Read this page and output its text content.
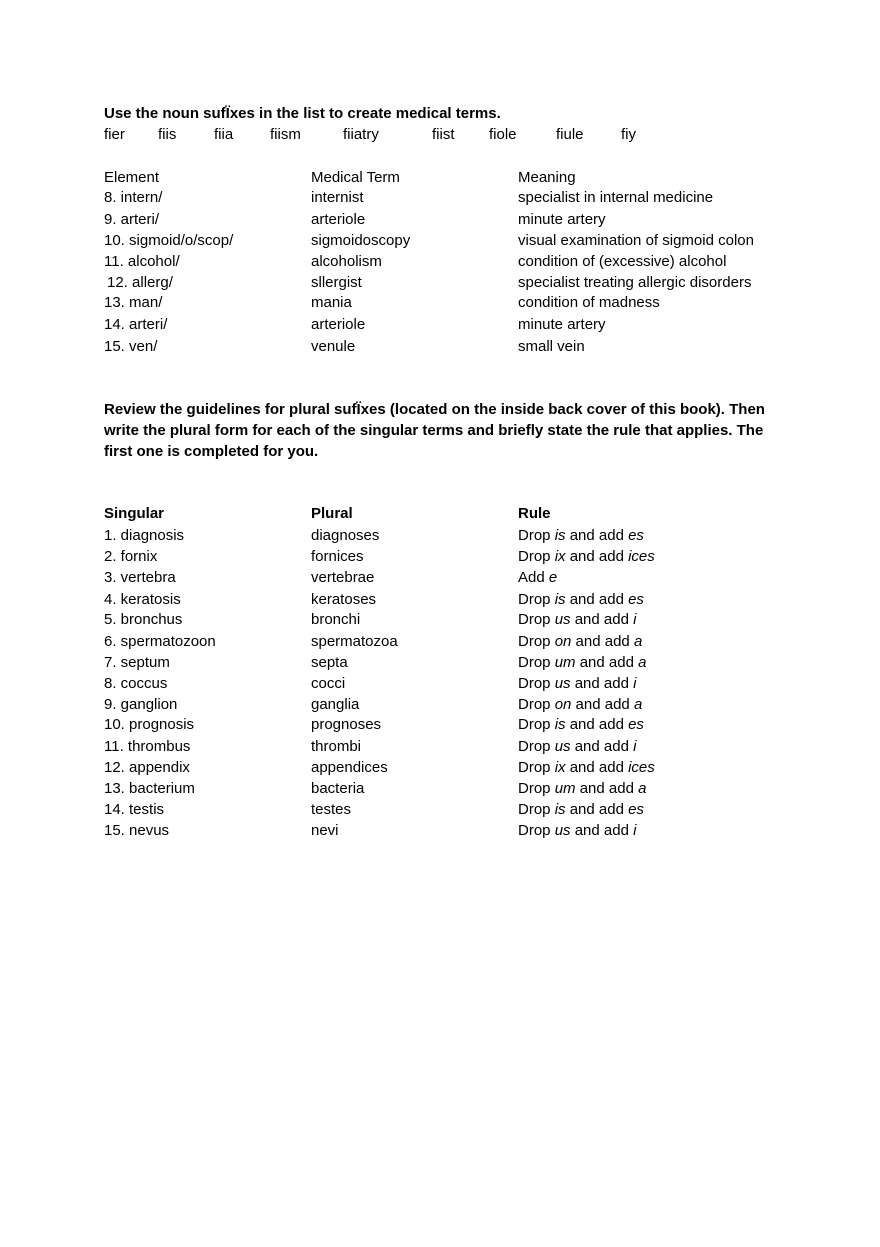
Use the noun sufÏxes in the list to create medical terms.
ﬁer ﬁis	ﬁia ﬁism	ﬁiatry	ﬁist ﬁole	ﬁule ﬁy
Element	Medical Term	Meaning
8. intern/	internist	specialist in internal medicine
9. arteri/	arteriole	minute artery
10. sigmoid/o/scop/	sigmoidoscopy	visual examination of sigmoid colon
11. alcohol/	alcoholism	condition of (excessive) alcohol
12. allerg/	sllergist	specialist treating allergic disorders
13. man/	mania	condition of madness
14. arteri/	arteriole	minute artery
15. ven/	venule	small vein
Review the guidelines for plural sufÏxes (located on the inside back cover of this book). Then write the plural form for each of the singular terms and briefly state the rule that applies. The first one is completed for you.
Singular	Plural	Rule
1. diagnosis	diagnoses	Drop is and add es
2. fornix	fornices	Drop ix and add ices
3. vertebra	vertebrae	Add e
4. keratosis	keratoses	Drop is and add es
5. bronchus	bronchi	Drop us and add i
6. spermatozoon	spermatozoa	Drop on and add a
7. septum	septa	Drop um and add a
8. coccus	cocci	Drop us and add i
9. ganglion	ganglia	Drop on and add a
10. prognosis	prognoses	Drop is and add es
11. thrombus	thrombi	Drop us and add i
12. appendix	appendices	Drop ix and add ices
13. bacterium	bacteria	Drop um and add a
14. testis	testes	Drop is and add es
15. nevus	nevi	Drop us and add i
